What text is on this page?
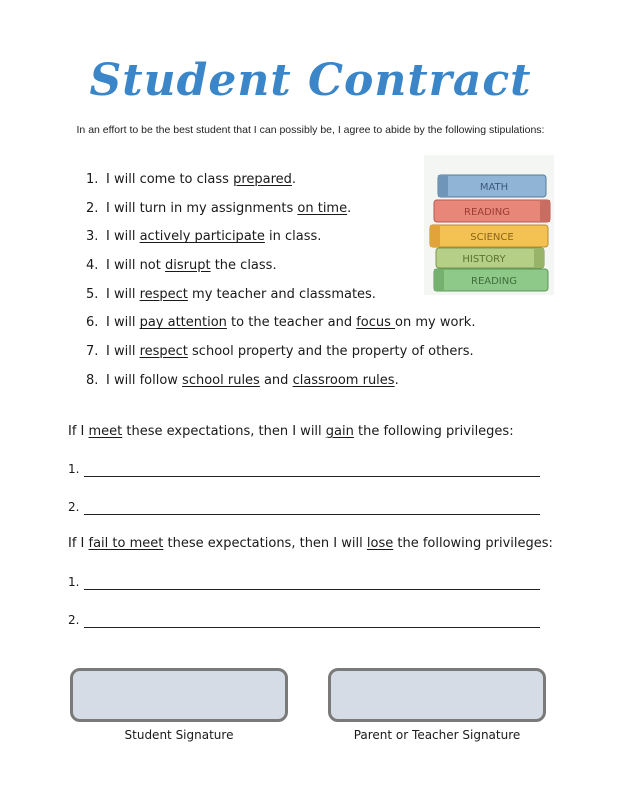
Student Contract
In an effort to be the best student that I can possibly be, I agree to abide by the following stipulations:
1. I will come to class prepared.
2. I will turn in my assignments on time.
3. I will actively participate in class.
4. I will not disrupt the class.
5. I will respect my teacher and classmates.
6. I will pay attention to the teacher and focus on my work.
7. I will respect school property and the property of others.
8. I will follow school rules and classroom rules.
MATH
READING
SCIENCE
HISTORY
READING
If I meet these expectations, then I will gain the following privileges:
1.
2.
If I fail to meet these expectations, then I will lose the following privileges:
1.
2.
Student Signature	Parent or Teacher Signature
